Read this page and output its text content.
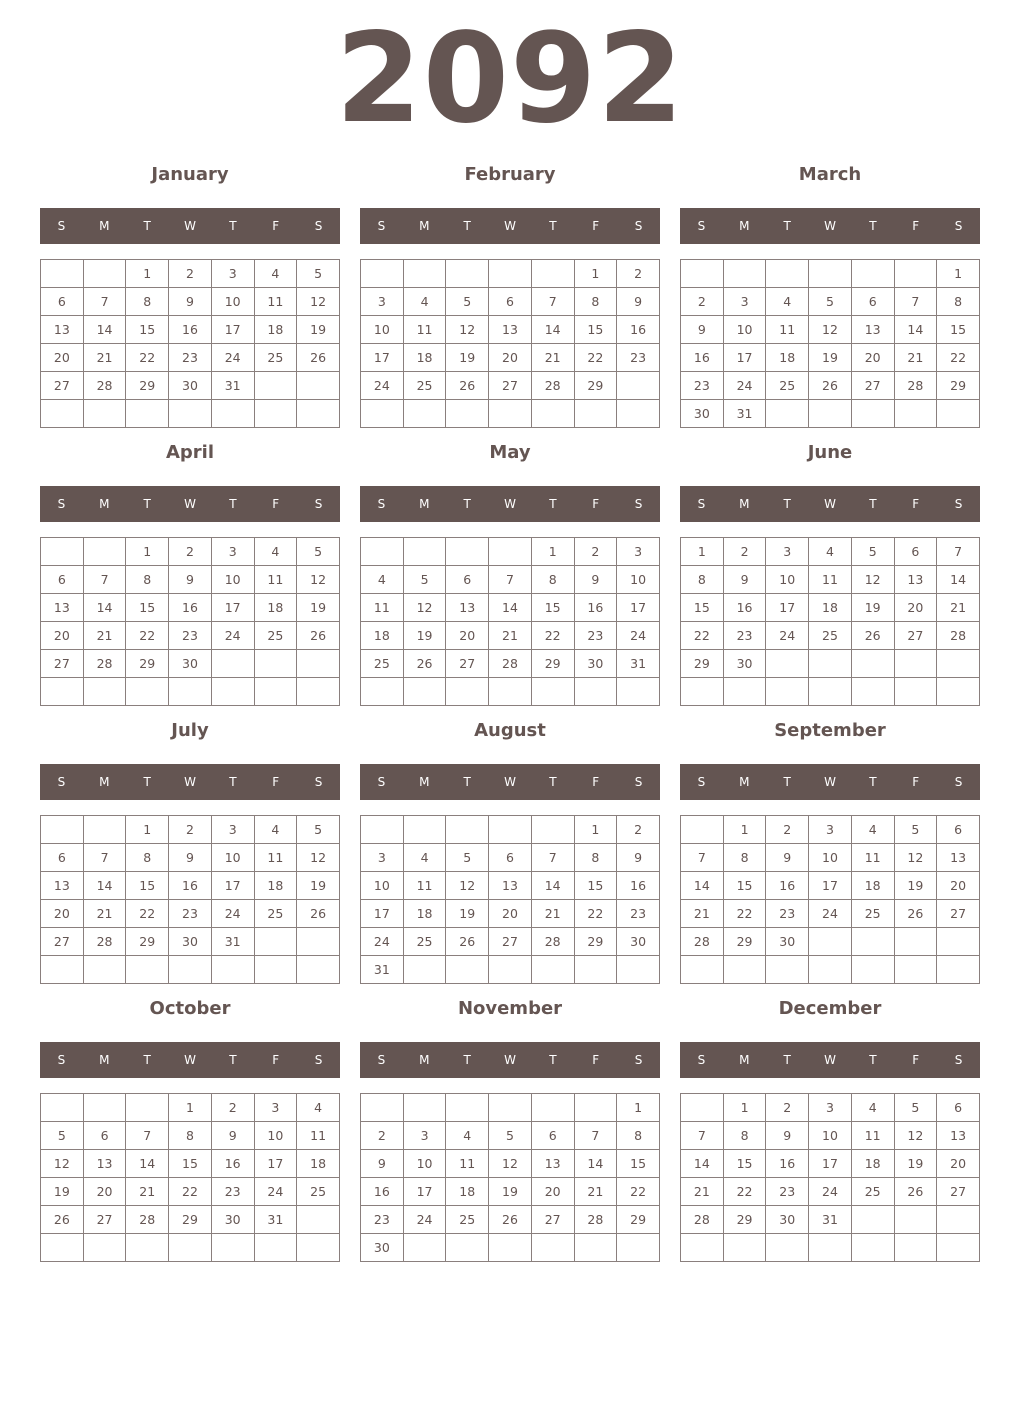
2092
January
S	M	T	W	T	F	S
		1	2	3	4	5
6	7	8	9	10	11	12
13	14	15	16	17	18	19
20	21	22	23	24	25	26
27	28	29	30	31		

February
S	M	T	W	T	F	S
					1	2
3	4	5	6	7	8	9
10	11	12	13	14	15	16
17	18	19	20	21	22	23
24	25	26	27	28	29	

March
S	M	T	W	T	F	S
						1
2	3	4	5	6	7	8
9	10	11	12	13	14	15
16	17	18	19	20	21	22
23	24	25	26	27	28	29
30	31					
April
S	M	T	W	T	F	S
		1	2	3	4	5
6	7	8	9	10	11	12
13	14	15	16	17	18	19
20	21	22	23	24	25	26
27	28	29	30			

May
S	M	T	W	T	F	S
				1	2	3
4	5	6	7	8	9	10
11	12	13	14	15	16	17
18	19	20	21	22	23	24
25	26	27	28	29	30	31

June
S	M	T	W	T	F	S
1	2	3	4	5	6	7
8	9	10	11	12	13	14
15	16	17	18	19	20	21
22	23	24	25	26	27	28
29	30					

July
S	M	T	W	T	F	S
		1	2	3	4	5
6	7	8	9	10	11	12
13	14	15	16	17	18	19
20	21	22	23	24	25	26
27	28	29	30	31		

August
S	M	T	W	T	F	S
					1	2
3	4	5	6	7	8	9
10	11	12	13	14	15	16
17	18	19	20	21	22	23
24	25	26	27	28	29	30
31						
September
S	M	T	W	T	F	S
	1	2	3	4	5	6
7	8	9	10	11	12	13
14	15	16	17	18	19	20
21	22	23	24	25	26	27
28	29	30				

October
S	M	T	W	T	F	S
			1	2	3	4
5	6	7	8	9	10	11
12	13	14	15	16	17	18
19	20	21	22	23	24	25
26	27	28	29	30	31	

November
S	M	T	W	T	F	S
						1
2	3	4	5	6	7	8
9	10	11	12	13	14	15
16	17	18	19	20	21	22
23	24	25	26	27	28	29
30						
December
S	M	T	W	T	F	S
	1	2	3	4	5	6
7	8	9	10	11	12	13
14	15	16	17	18	19	20
21	22	23	24	25	26	27
28	29	30	31			
